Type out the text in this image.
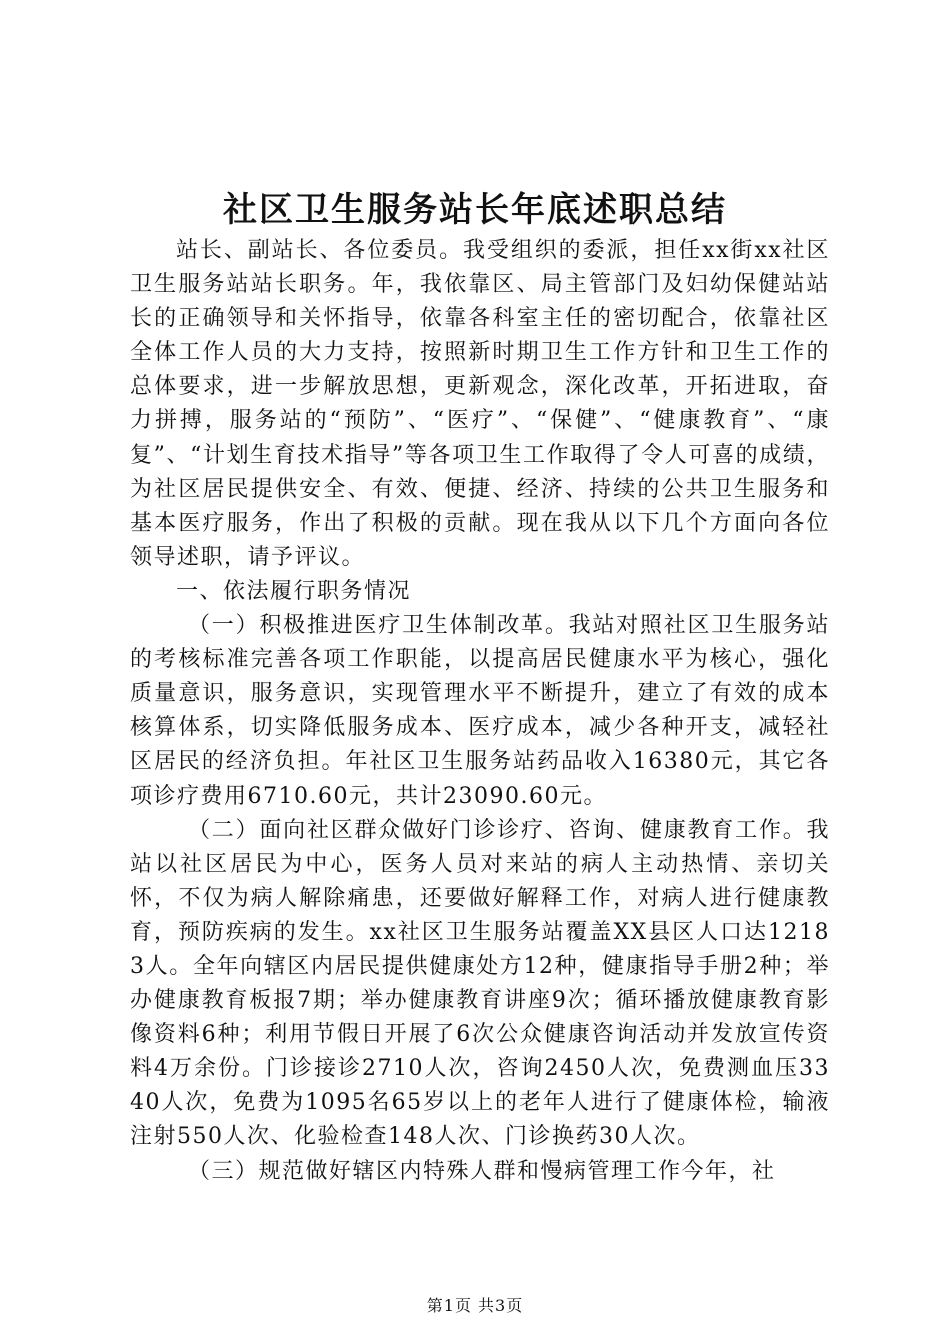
社区卫生服务站长年底述职总结

站长、副站长、各位委员。我受组织的委派，担任xx街xx社区卫生服务站站长职务。年，我依靠区、局主管部门及妇幼保健站站长的正确领导和关怀指导，依靠各科室主任的密切配合，依靠社区全体工作人员的大力支持，按照新时期卫生工作方针和卫生工作的总体要求，进一步解放思想，更新观念，深化改革，开拓进取，奋力拼搏，服务站的“预防”、“医疗”、“保健”、“健康教育”、“康复”、“计划生育技术指导”等各项卫生工作取得了令人可喜的成绩，为社区居民提供安全、有效、便捷、经济、持续的公共卫生服务和基本医疗服务，作出了积极的贡献。现在我从以下几个方面向各位领导述职，请予评议。

一、依法履行职务情况

（一）积极推进医疗卫生体制改革。我站对照社区卫生服务站的考核标准完善各项工作职能，以提高居民健康水平为核心，强化质量意识，服务意识，实现管理水平不断提升，建立了有效的成本核算体系，切实降低服务成本、医疗成本，减少各种开支，减轻社区居民的经济负担。年社区卫生服务站药品收入16380元，其它各项诊疗费用6710.60元，共计23090.60元。

（二）面向社区群众做好门诊诊疗、咨询、健康教育工作。我站以社区居民为中心，医务人员对来站的病人主动热情、亲切关怀，不仅为病人解除痛患，还要做好解释工作，对病人进行健康教育，预防疾病的发生。xx社区卫生服务站覆盖XX县区人口达12183人。全年向辖区内居民提供健康处方12种，健康指导手册2种；举办健康教育板报7期；举办健康教育讲座9次；循环播放健康教育影像资料6种；利用节假日开展了6次公众健康咨询活动并发放宣传资料4万余份。门诊接诊2710人次，咨询2450人次，免费测血压3340人次，免费为1095名65岁以上的老年人进行了健康体检，输液注射550人次、化验检查148人次、门诊换药30人次。

（三）规范做好辖区内特殊人群和慢病管理工作今年，社

第1页 共3页
